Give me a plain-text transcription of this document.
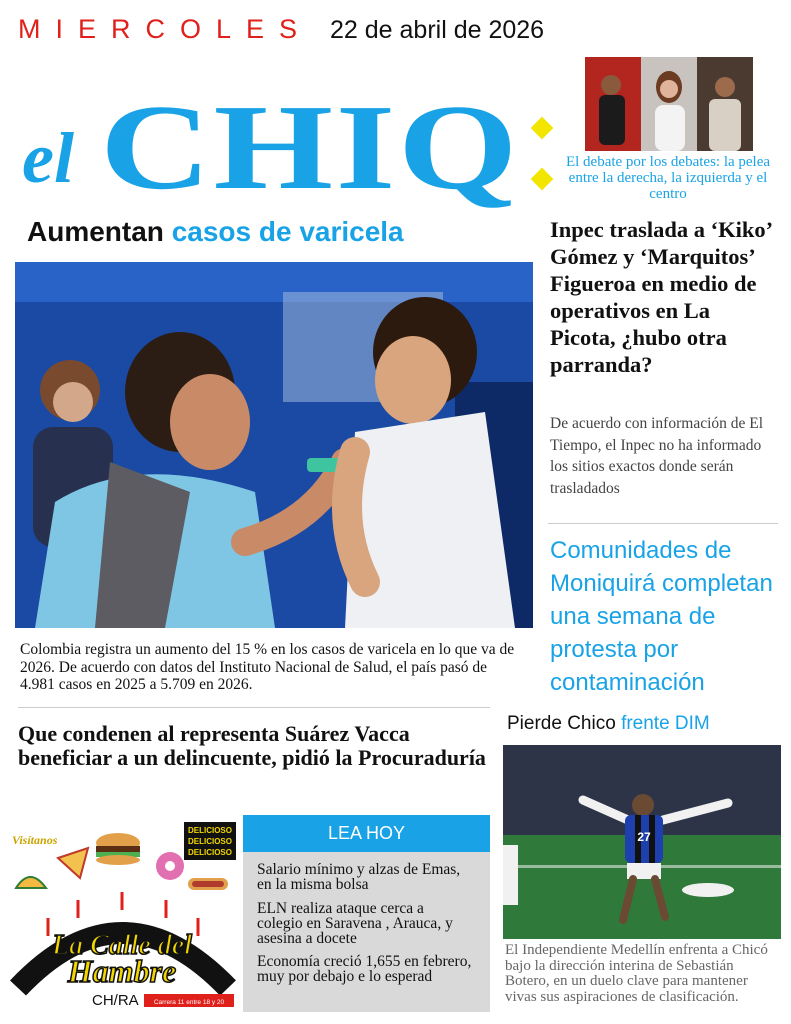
MIERCOLES 22 de abril de 2026
el CHIQ	El debate por los debates: la pelea entre la derecha, la izquierda y el centro
Aumentan casos de varicela
Colombia registra un aumento del 15 % en los casos de varicela en lo que va de 2026. De acuerdo con datos del Instituto Nacional de Salud, el país pasó de 4.981 casos en 2025 a 5.709 en 2026.
Inpec traslada a ‘Kiko’ Gómez y ‘Marquitos’ Figueroa en medio de operativos en La Picota, ¿hubo otra parranda?
De acuerdo con información de El Tiempo, el Inpec no ha informado los sitios exactos donde serán trasladados
Comunidades de Moniquirá completan una semana de protesta por contaminación
Que condenen al representa Suárez Vacca beneficiar a un delincuente, pidió la Procuraduría
Visítanos
DELICIOSO
DELICIOSO
DELICIOSO
La Calle del
Hambre
CH/RA Carrera 11 entre 18 y 20
LEA HOY
Salario mínimo y alzas de Emas, en la misma bolsa
ELN realiza ataque cerca a colegio en Saravena , Arauca, y asesina a docete
Economía creció 1,655 en febrero, muy por debajo e lo esperad
Pierde Chico frente DIM
27
El Independiente Medellín enfrenta a Chicó bajo la dirección interina de Sebastián Botero, en un duelo clave para mantener vivas sus aspiraciones de clasificación.
